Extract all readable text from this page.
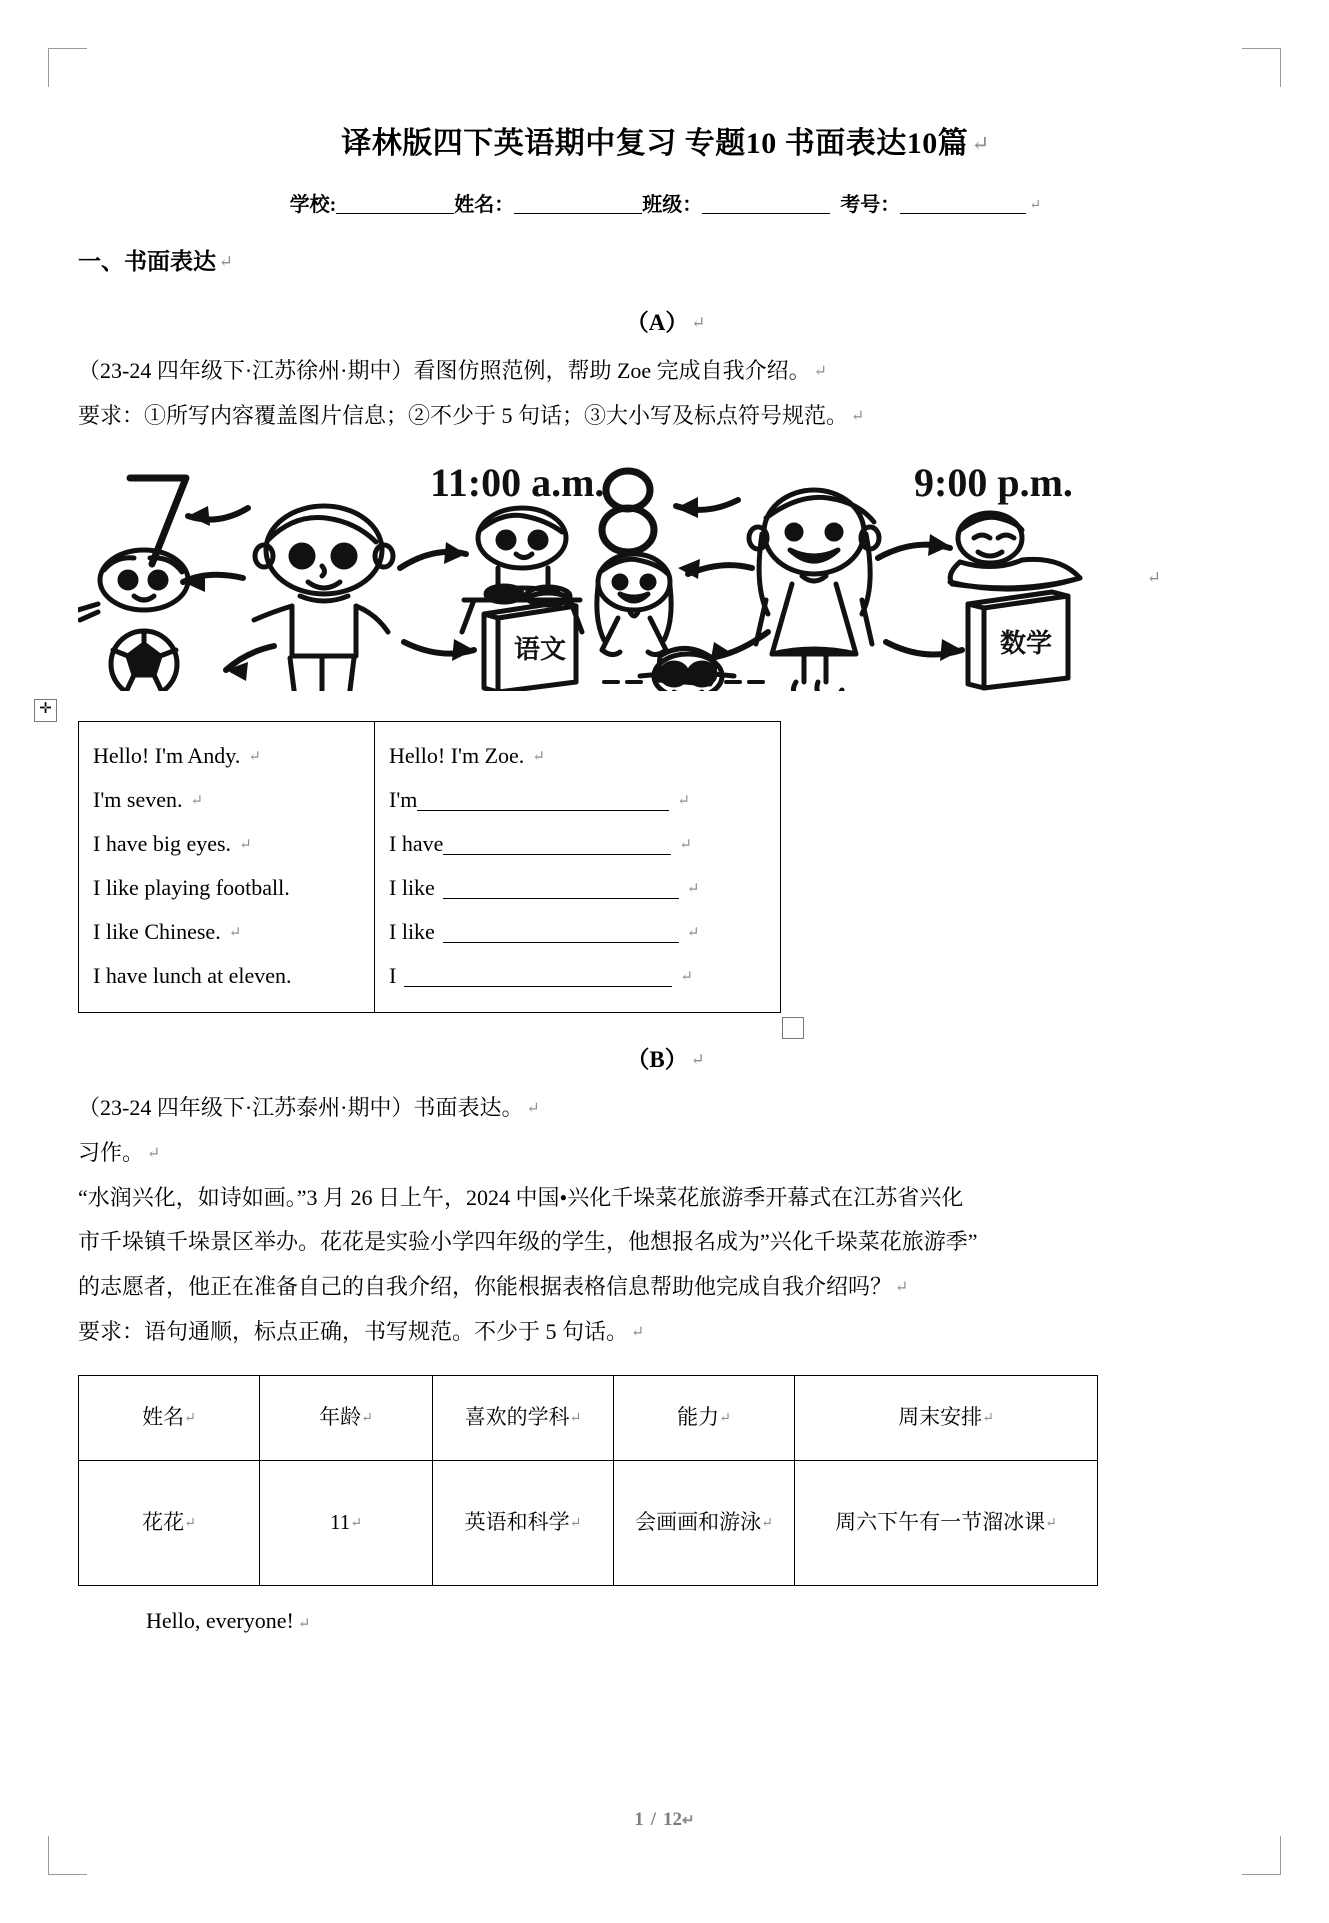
译林版四下英语期中复习 专题10 书面表达10篇 ↵
学校:	姓名：	班级：	考号：	↵
一、书面表达 ↵
（A） ↵
（23-24 四年级下·江苏徐州·期中）看图仿照范例，帮助 Zoe 完成自我介绍。 ↵
要求：①所写内容覆盖图片信息；②不少于 5 句话；③大小写及标点符号规范。 ↵
11:00 a.m.
语文
9:00 p.m.
数学
↵
✛
Hello! I'm Andy. ↵
I'm seven. ↵
I have big eyes. ↵
I like playing football.
I like Chinese. ↵
I have lunch at eleven.

Hello! I'm Zoe. ↵
I'm	↵
I have	↵
I like	↵
I like	↵
I	↵
（B） ↵
（23-24 四年级下·江苏泰州·期中）书面表达。 ↵
习作。 ↵
“水润兴化，如诗如画。”3 月 26 日上午，2024 中国•兴化千垛菜花旅游季开幕式在江苏省兴化
市千垛镇千垛景区举办。花花是实验小学四年级的学生，他想报名成为”兴化千垛菜花旅游季”
的志愿者，他正在准备自己的自我介绍，你能根据表格信息帮助他完成自我介绍吗？ ↵
要求：语句通顺，标点正确，书写规范。不少于 5 句话。 ↵
姓名↵	年龄↵	喜欢的学科↵	能力↵	周末安排↵
花花↵	11↵	英语和科学↵	会画画和游泳↵	周六下午有一节溜冰课↵
Hello, everyone! ↵
1 / 12↵
